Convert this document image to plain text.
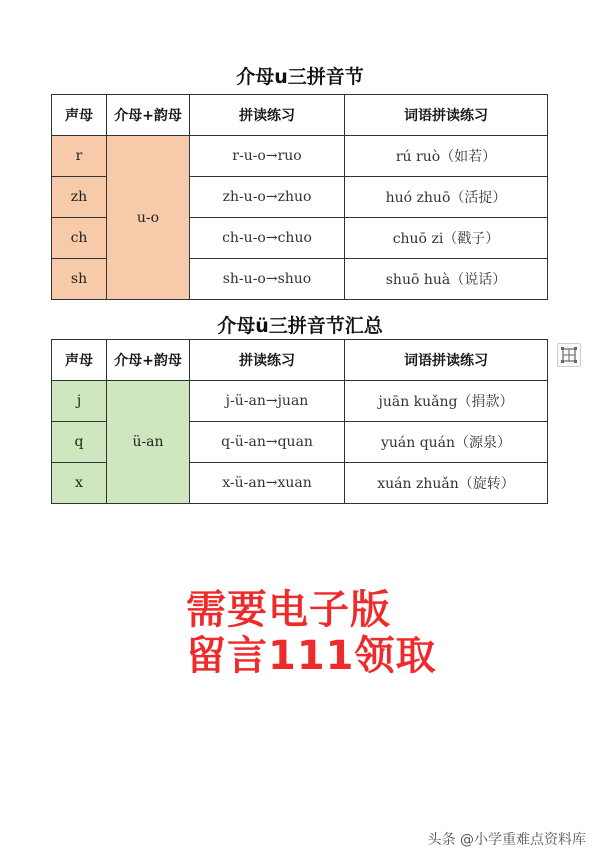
介母u三拼音节
声母	介母+韵母	拼读练习	词语拼读练习
r	u-o	r-u-o→ruo	rú ruò（如若）
zh		zh-u-o→zhuo	huó zhuō（活捉）
ch		ch-u-o→chuo	chuō zi（戳子）
sh		sh-u-o→shuo	shuō huà（说话）
介母ü三拼音节汇总
声母	介母+韵母	拼读练习	词语拼读练习
j	ü-an	j-ü-an→juan	juān kuǎng（捐款）
q		q-ü-an→quan	yuán quán（源泉）
x		x-ü-an→xuan	xuán zhuǎn（旋转）
需要电子版
留言111领取
头条 @小学重难点资料库
